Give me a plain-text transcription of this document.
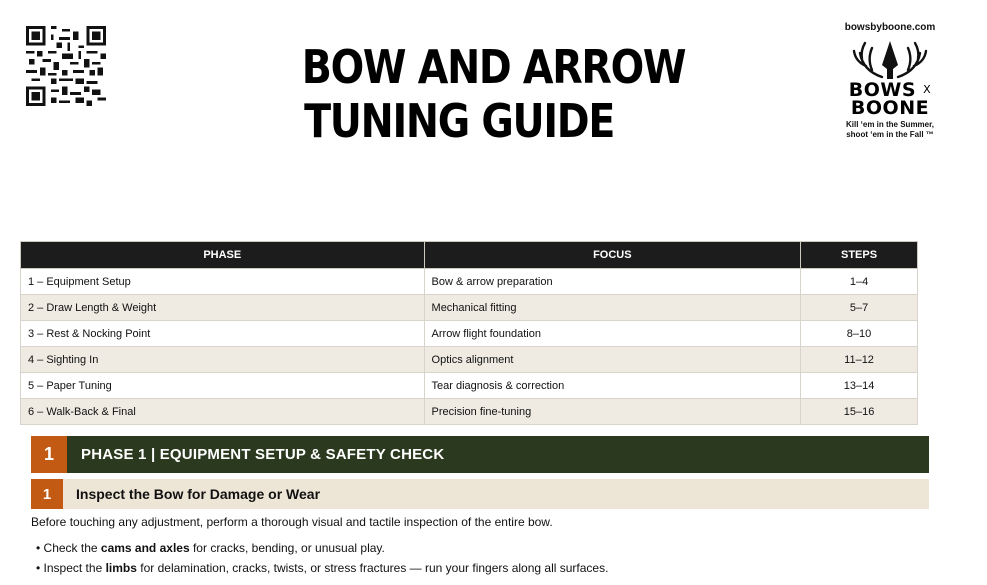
BOW AND ARROW
TUNING GUIDE
bowsbyboone.com
BOWS $^X$
BOONE
Kill ‘em in the Summer,
shoot ‘em in the Fall ™
PHASE	FOCUS	STEPS
1 – Equipment Setup	Bow & arrow preparation	1–4
2 – Draw Length & Weight	Mechanical fitting	5–7
3 – Rest & Nocking Point	Arrow flight foundation	8–10
4 – Sighting In	Optics alignment	11–12
5 – Paper Tuning	Tear diagnosis & correction	13–14
6 – Walk-Back & Final	Precision fine-tuning	15–16
1	PHASE 1 | EQUIPMENT SETUP & SAFETY CHECK
1	Inspect the Bow for Damage or Wear
Before touching any adjustment, perform a thorough visual and tactile inspection of the entire bow.
• Check the cams and axles for cracks, bending, or unusual play.
• Inspect the limbs for delamination, cracks, twists, or stress fractures — run your fingers along all surfaces.
